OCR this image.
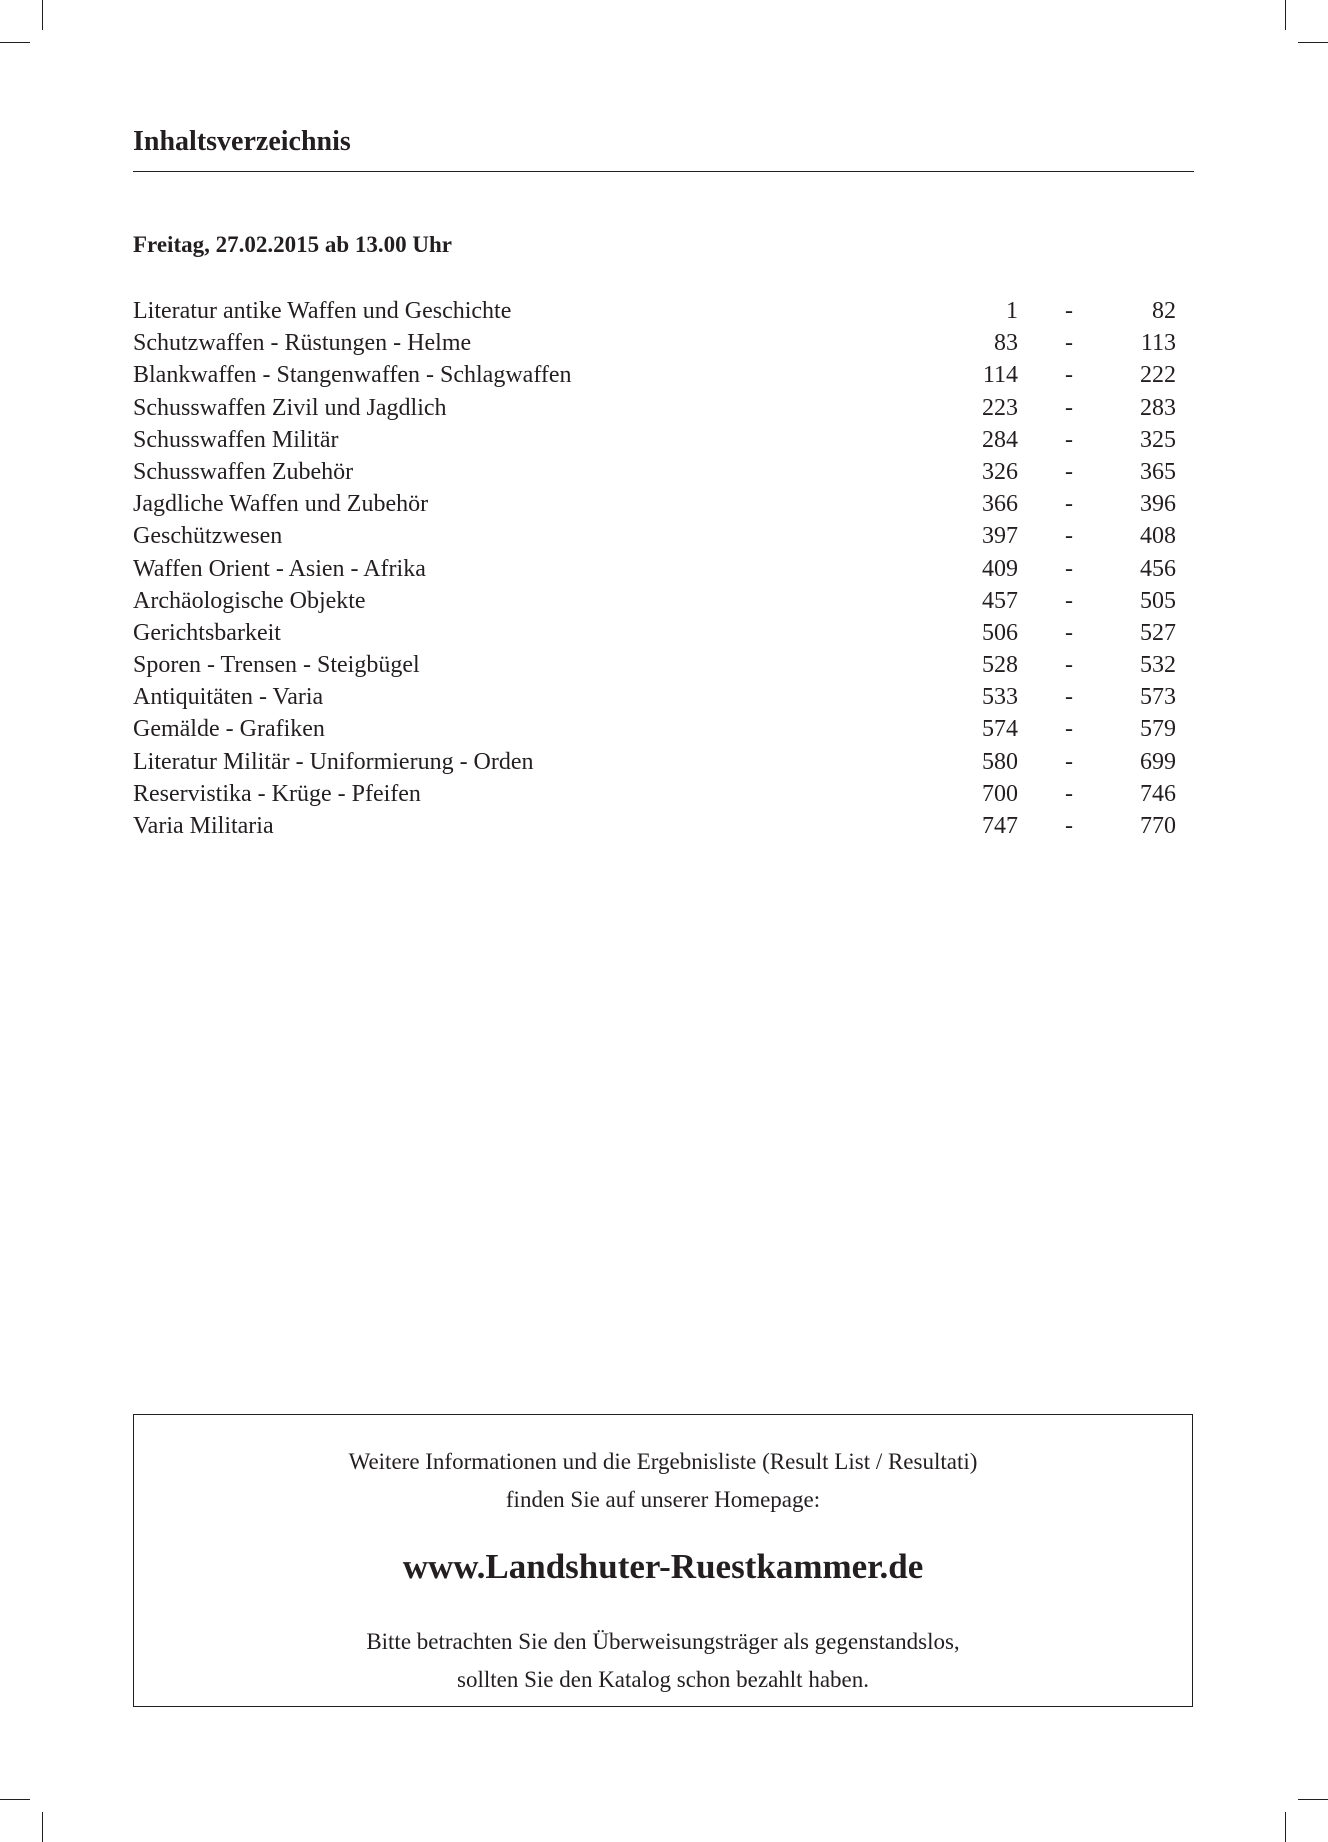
Inhaltsverzeichnis
Freitag, 27.02.2015 ab 13.00 Uhr
Literatur antike Waffen und Geschichte	1 -	82
Schutzwaffen - Rüstungen - Helme	83 -	113
Blankwaffen - Stangenwaffen - Schlagwaffen	114 -	222
Schusswaffen Zivil und Jagdlich	223 -	283
Schusswaffen Militär	284 -	325
Schusswaffen Zubehör	326 -	365
Jagdliche Waffen und Zubehör	366 -	396
Geschützwesen	397 -	408
Waffen Orient - Asien - Afrika	409 -	456
Archäologische Objekte	457 -	505
Gerichtsbarkeit	506 -	527
Sporen - Trensen - Steigbügel	528 -	532
Antiquitäten - Varia	533 -	573
Gemälde - Grafiken	574 -	579
Literatur Militär - Uniformierung - Orden	580 -	699
Reservistika - Krüge - Pfeifen	700 -	746
Varia Militaria	747 -	770
Weitere Informationen und die Ergebnisliste (Result List / Resultati)
finden Sie auf unserer Homepage:
www.Landshuter-Ruestkammer.de
Bitte betrachten Sie den Überweisungsträger als gegenstandslos,
sollten Sie den Katalog schon bezahlt haben.
